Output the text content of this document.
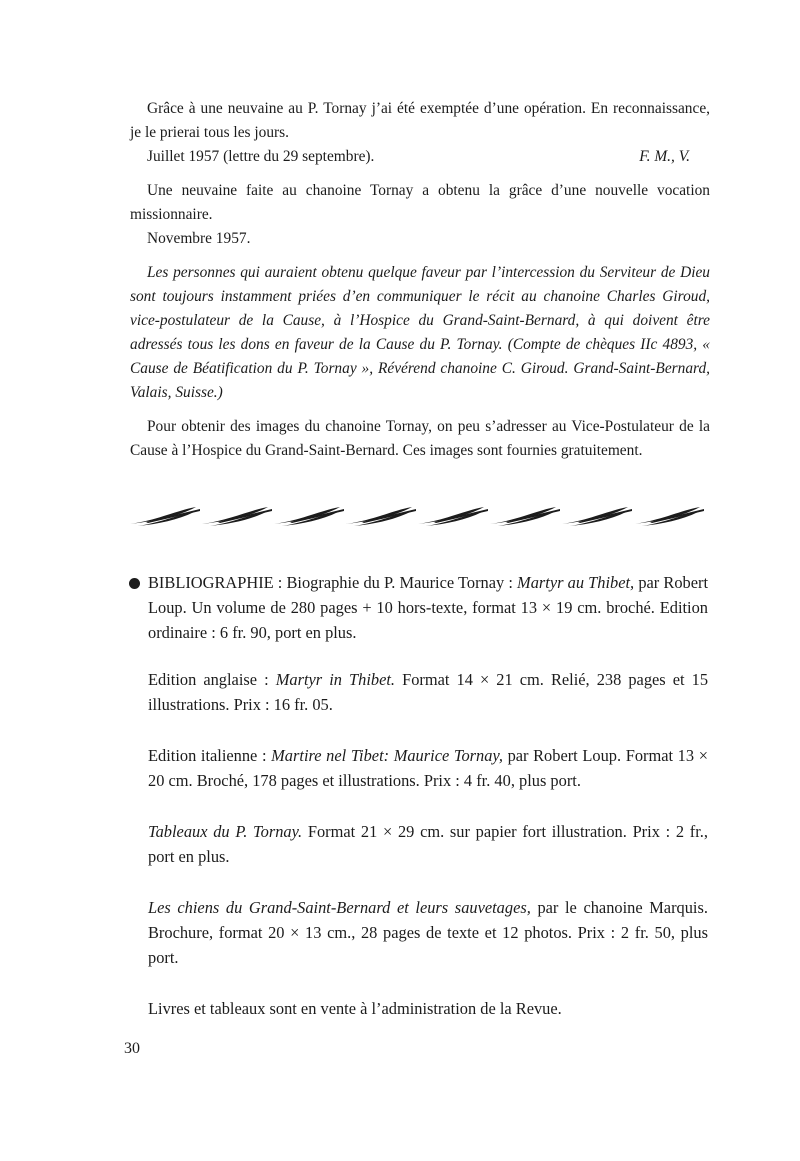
Grâce à une neuvaine au P. Tornay j’ai été exemptée d’une opération. En reconnaissance, je le prierai tous les jours.

Juillet 1957 (lettre du 29 septembre).	F. M., V.

Une neuvaine faite au chanoine Tornay a obtenu la grâce d’une nouvelle vocation missionnaire.

Novembre 1957.

Les personnes qui auraient obtenu quelque faveur par l’intercession du Serviteur de Dieu sont toujours instamment priées d’en communiquer le récit au chanoine Charles Giroud, vice-postulateur de la Cause, à l’Hospice du Grand-Saint-Bernard, à qui doivent être adressés tous les dons en faveur de la Cause du P. Tornay. (Compte de chèques IIc 4893, « Cause de Béatification du P. Tornay », Révérend chanoine C. Giroud. Grand-Saint-Bernard, Valais, Suisse.)

Pour obtenir des images du chanoine Tornay, on peu s’adresser au Vice-Postulateur de la Cause à l’Hospice du Grand-Saint-Bernard. Ces images sont fournies gratuitement.

BIBLIOGRAPHIE : Biographie du P. Maurice Tornay : Martyr au Thibet, par Robert Loup. Un volume de 280 pages + 10 hors-texte, format 13 × 19 cm. broché. Edition ordinaire : 6 fr. 90, port en plus.

Edition anglaise : Martyr in Thibet. Format 14 × 21 cm. Relié, 238 pages et 15 illustrations. Prix : 16 fr. 05.

Edition italienne : Martire nel Tibet: Maurice Tornay, par Robert Loup. Format 13 × 20 cm. Broché, 178 pages et illustrations. Prix : 4 fr. 40, plus port.

Tableaux du P. Tornay. Format 21 × 29 cm. sur papier fort illustration. Prix : 2 fr., port en plus.

Les chiens du Grand-Saint-Bernard et leurs sauvetages, par le chanoine Marquis. Brochure, format 20 × 13 cm., 28 pages de texte et 12 photos. Prix : 2 fr. 50, plus port.

Livres et tableaux sont en vente à l’administration de la Revue.

30
